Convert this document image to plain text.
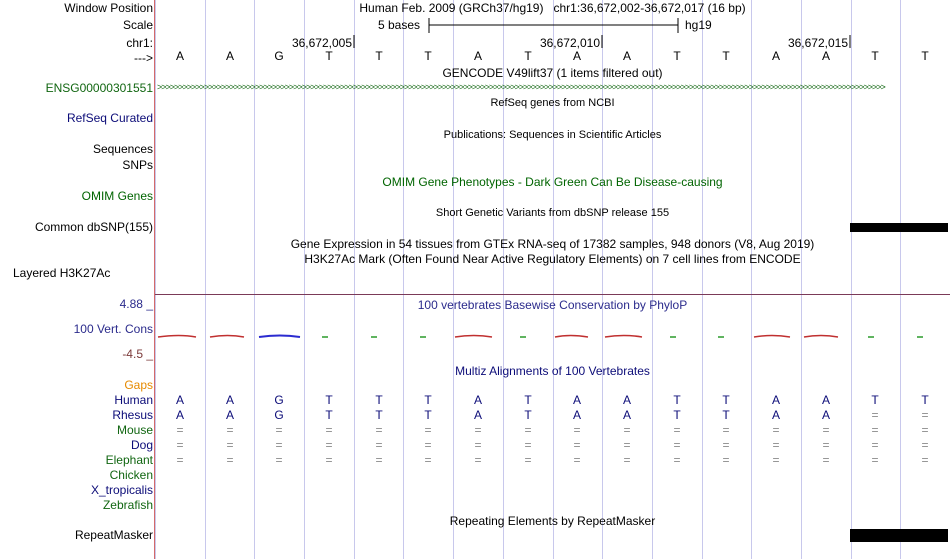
Window Position
Scale
chr1:
--->
Human Feb. 2009 (GRCh37/hg19)   chr1:36,672,002-36,672,017 (16 bp)
5 bases	hg19
36,672,005	36,672,010	36,672,015
A	A	G	T	T	T	A	T	A	A	T	T	A	A	T	T
GENCODE V49lift37 (1 items filtered out)
ENSG00000301551 >>>>>>>>>>>>>>>>>>>>>>>>>>>>>>>>>>>>>>>>>>>>>>>>>>>>>>>>>>>>>>>>>>>>>>>>>>>>>>>>>>>>>>>>>>>>>>>>>>>>>>>>>>>>>>>>>>>>>>>>>>>>>>>>>>>>>>>>>>>>>>>>>>>>>>>>>>>>>>>>>>>>>>>>>>>
RefSeq genes from NCBI
RefSeq Curated
Publications: Sequences in Scientific Articles
Sequences
SNPs
OMIM Gene Phenotypes - Dark Green Can Be Disease-causing
OMIM Genes
Short Genetic Variants from dbSNP release 155
Common dbSNP(155)
Gene Expression in 54 tissues from GTEx RNA-seq of 17382 samples, 948 donors (V8, Aug 2019)
H3K27Ac Mark (Often Found Near Active Regulatory Elements) on 7 cell lines from ENCODE
Layered H3K27Ac
4.88 _	100 vertebrates Basewise Conservation by PhyloP
100 Vert. Cons
-4.5 _
Multiz Alignments of 100 Vertebrates
Gaps
Human	A	A	G	T	T	T	A	T	A	A	T	T	A	A	T	T
Rhesus	A	A	G	T	T	T	A	T	A	A	T	T	A	A	=	=
Mouse	=	=	=	=	=	=	=	=	=	=	=	=	=	=	=	=
Dog	=	=	=	=	=	=	=	=	=	=	=	=	=	=	=	=
Elephant	=	=	=	=	=	=	=	=	=	=	=	=	=	=	=	=
Chicken
X_tropicalis
Zebrafish
Repeating Elements by RepeatMasker
RepeatMasker
